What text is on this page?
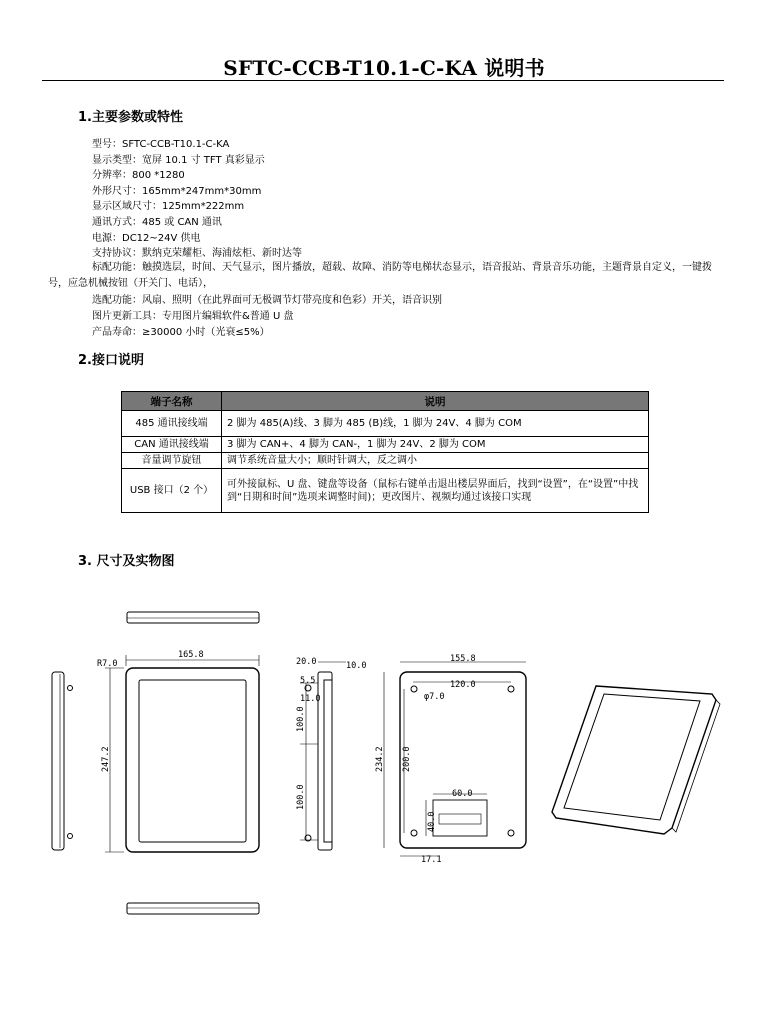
SFTC-CCB-T10.1-C-KA 说明书
1.主要参数或特性
型号：SFTC-CCB-T10.1-C-KA
显示类型：宽屏 10.1 寸 TFT 真彩显示
分辨率：800 *1280
外形尺寸：165mm*247mm*30mm
显示区域尺寸：125mm*222mm
通讯方式：485 或 CAN 通讯
电源：DC12~24V 供电
支持协议：默纳克荣耀柜、海浦炫柜、新时达等
标配功能：触摸选层，时间、天气显示，图片播放，超载、故障、消防等电梯状态显示，语音报站、背景音乐功能，主题背景自定义，一键拨号，应急机械按钮（开关门、电话），
选配功能：风扇、照明（在此界面可无极调节灯带亮度和色彩）开关，语音识别
图片更新工具：专用图片编辑软件&普通 U 盘
产品寿命：≥30000 小时（光衰≤5%）
2.接口说明
端子名称	说明
485 通讯接线端	2 脚为 485(A)线、3 脚为 485 (B)线，1 脚为 24V、4 脚为 COM
CAN 通讯接线端	3 脚为 CAN+、4 脚为 CAN-，1 脚为 24V、2 脚为 COM
音量调节旋钮	调节系统音量大小；顺时针调大，反之调小
USB 接口（2 个）	可外接鼠标、U 盘、键盘等设备（鼠标右键单击退出楼层界面后，找到“设置”，在“设置”中找到“日期和时间”选项来调整时间)；更改图片、视频均通过该接口实现
3. 尺寸及实物图
R7.0
165.8
247.2
20.0	10.0
5.5
11.0
100.0
100.0
155.8
120.0
φ7.0
234.2 200.0
60.0
40.0
17.1
